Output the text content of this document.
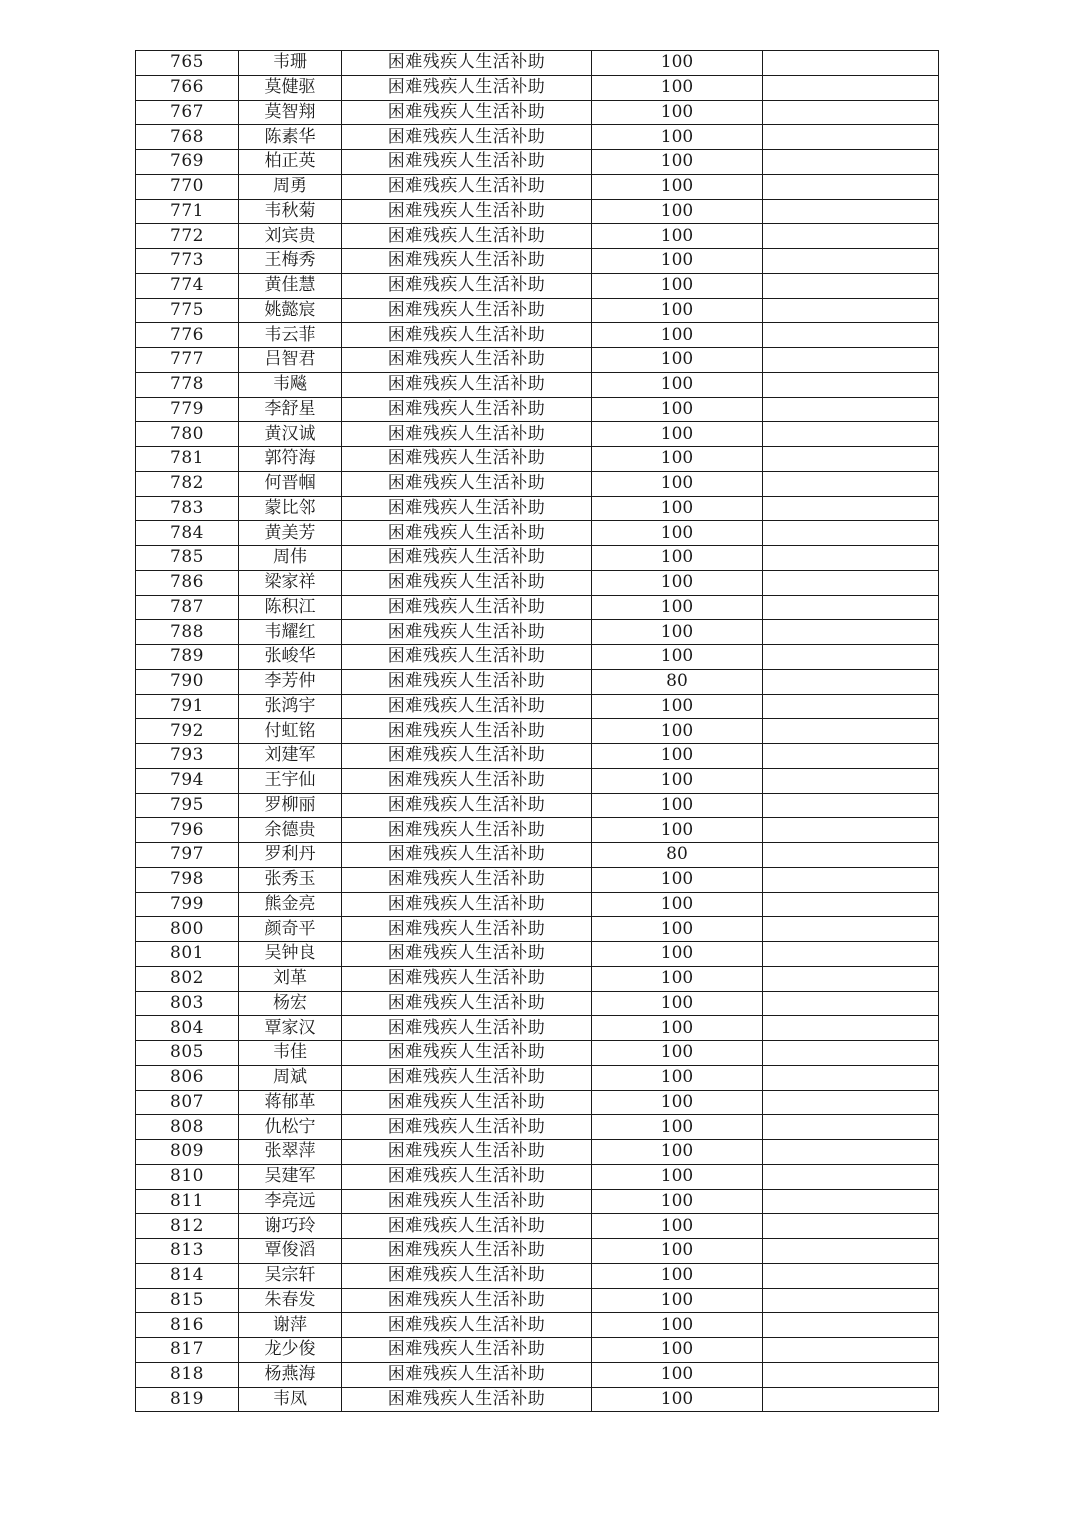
765	韦珊	困难残疾人生活补助	100	
766	莫健驱	困难残疾人生活补助	100	
767	莫智翔	困难残疾人生活补助	100	
768	陈素华	困难残疾人生活补助	100	
769	柏正英	困难残疾人生活补助	100	
770	周勇	困难残疾人生活补助	100	
771	韦秋菊	困难残疾人生活补助	100	
772	刘宾贵	困难残疾人生活补助	100	
773	王梅秀	困难残疾人生活补助	100	
774	黄佳慧	困难残疾人生活补助	100	
775	姚懿宸	困难残疾人生活补助	100	
776	韦云菲	困难残疾人生活补助	100	
777	吕智君	困难残疾人生活补助	100	
778	韦飚	困难残疾人生活补助	100	
779	李舒星	困难残疾人生活补助	100	
780	黄汉诚	困难残疾人生活补助	100	
781	郭符海	困难残疾人生活补助	100	
782	何晋帼	困难残疾人生活补助	100	
783	蒙比邻	困难残疾人生活补助	100	
784	黄美芳	困难残疾人生活补助	100	
785	周伟	困难残疾人生活补助	100	
786	梁家祥	困难残疾人生活补助	100	
787	陈积江	困难残疾人生活补助	100	
788	韦耀红	困难残疾人生活补助	100	
789	张峻华	困难残疾人生活补助	100	
790	李芳仲	困难残疾人生活补助	80	
791	张鸿宇	困难残疾人生活补助	100	
792	付虹铭	困难残疾人生活补助	100	
793	刘建军	困难残疾人生活补助	100	
794	王宇仙	困难残疾人生活补助	100	
795	罗柳丽	困难残疾人生活补助	100	
796	余德贵	困难残疾人生活补助	100	
797	罗利丹	困难残疾人生活补助	80	
798	张秀玉	困难残疾人生活补助	100	
799	熊金亮	困难残疾人生活补助	100	
800	颜奇平	困难残疾人生活补助	100	
801	吴钟良	困难残疾人生活补助	100	
802	刘革	困难残疾人生活补助	100	
803	杨宏	困难残疾人生活补助	100	
804	覃家汉	困难残疾人生活补助	100	
805	韦佳	困难残疾人生活补助	100	
806	周斌	困难残疾人生活补助	100	
807	蒋郁革	困难残疾人生活补助	100	
808	仇松宁	困难残疾人生活补助	100	
809	张翠萍	困难残疾人生活补助	100	
810	吴建军	困难残疾人生活补助	100	
811	李亮远	困难残疾人生活补助	100	
812	谢巧玲	困难残疾人生活补助	100	
813	覃俊滔	困难残疾人生活补助	100	
814	吴宗轩	困难残疾人生活补助	100	
815	朱春发	困难残疾人生活补助	100	
816	谢萍	困难残疾人生活补助	100	
817	龙少俊	困难残疾人生活补助	100	
818	杨燕海	困难残疾人生活补助	100	
819	韦凤	困难残疾人生活补助	100	
